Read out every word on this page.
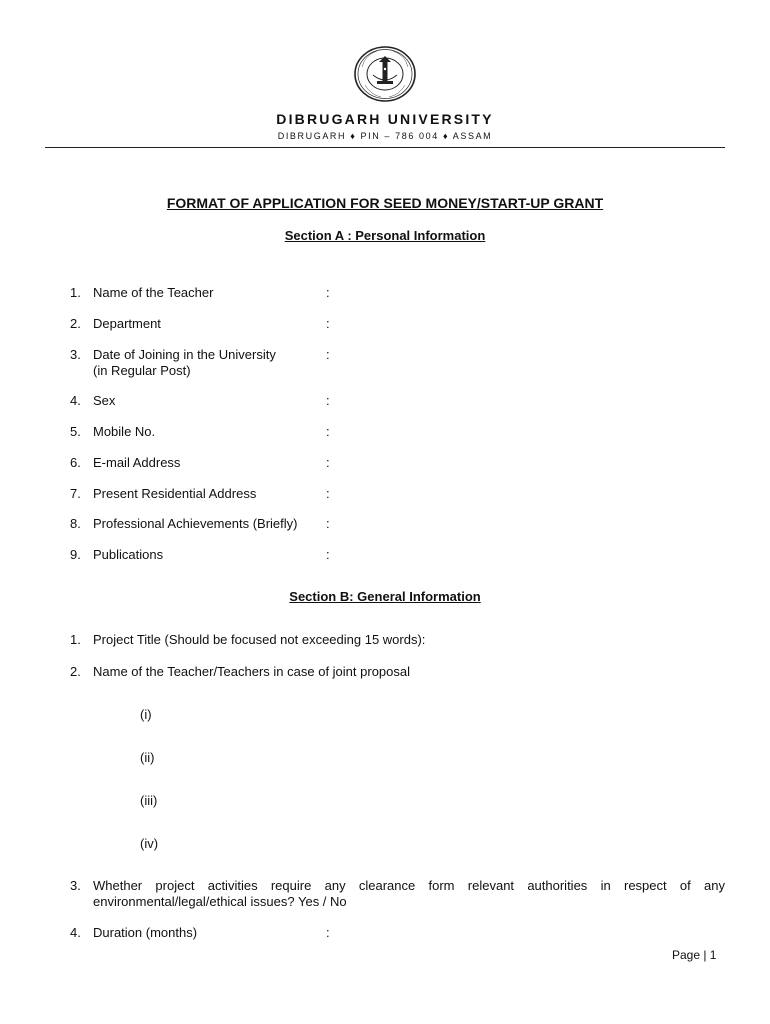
DIBRUGARH UNIVERSITY
DIBRUGARH ♦ PIN – 786 004 ♦ ASSAM
FORMAT OF APPLICATION FOR SEED MONEY/START-UP GRANT
Section A : Personal Information
1. Name of the Teacher	:
2. Department	:
3. Date of Joining in the University	:
(in Regular Post)
4. Sex	:
5. Mobile No.	:
6. E-mail Address	:
7. Present Residential Address	:
8. Professional Achievements (Briefly) :
9. Publications	:
Section B: General Information
1. Project Title (Should be focused not exceeding 15 words):
2. Name of the Teacher/Teachers in case of joint proposal
(i)
(ii)
(iii)
(iv)
3. Whether project activities require any clearance form relevant authorities in respect of any environmental/legal/ethical issues? Yes / No
4. Duration (months)	:
Page | 1
